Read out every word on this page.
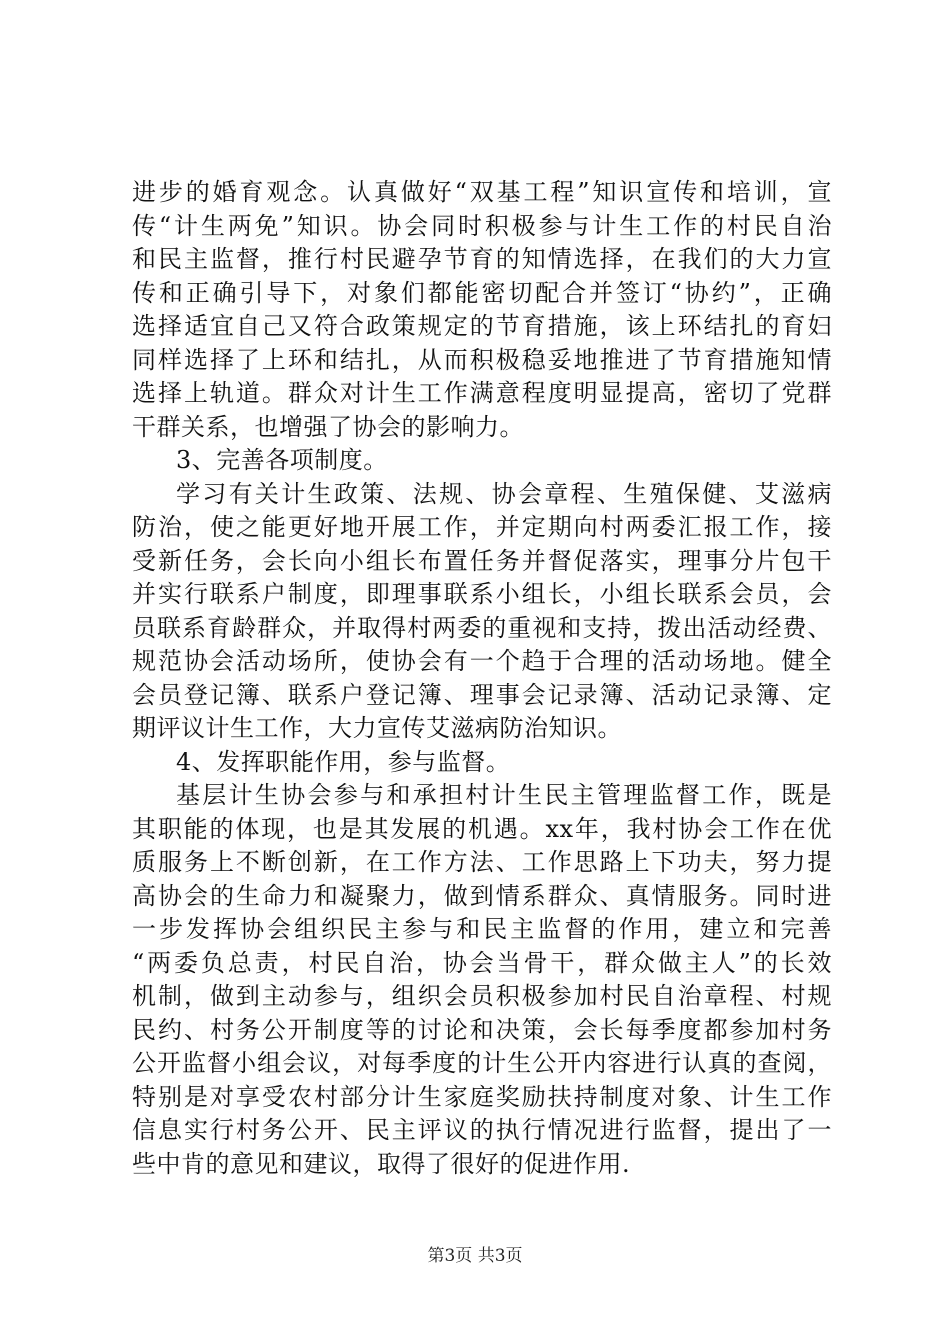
进步的婚育观念。认真做好“双基工程”知识宣传和培训，宣
传“计生两免”知识。协会同时积极参与计生工作的村民自治
和民主监督，推行村民避孕节育的知情选择，在我们的大力宣
传和正确引导下，对象们都能密切配合并签订“协约”，正确
选择适宜自己又符合政策规定的节育措施，该上环结扎的育妇
同样选择了上环和结扎，从而积极稳妥地推进了节育措施知情
选择上轨道。群众对计生工作满意程度明显提高，密切了党群
干群关系，也增强了协会的影响力。
3、完善各项制度。
学习有关计生政策、法规、协会章程、生殖保健、艾滋病
防治，使之能更好地开展工作，并定期向村两委汇报工作，接
受新任务，会长向小组长布置任务并督促落实，理事分片包干
并实行联系户制度，即理事联系小组长，小组长联系会员，会
员联系育龄群众，并取得村两委的重视和支持，拨出活动经费、
规范协会活动场所，使协会有一个趋于合理的活动场地。健全
会员登记簿、联系户登记簿、理事会记录簿、活动记录簿、定
期评议计生工作，大力宣传艾滋病防治知识。
4、发挥职能作用，参与监督。
基层计生协会参与和承担村计生民主管理监督工作，既是
其职能的体现，也是其发展的机遇。xx年，我村协会工作在优
质服务上不断创新，在工作方法、工作思路上下功夫，努力提
高协会的生命力和凝聚力，做到情系群众、真情服务。同时进
一步发挥协会组织民主参与和民主监督的作用，建立和完善
“两委负总责，村民自治，协会当骨干，群众做主人”的长效
机制，做到主动参与，组织会员积极参加村民自治章程、村规
民约、村务公开制度等的讨论和决策，会长每季度都参加村务
公开监督小组会议，对每季度的计生公开内容进行认真的查阅，
特别是对享受农村部分计生家庭奖励扶持制度对象、计生工作
信息实行村务公开、民主评议的执行情况进行监督，提出了一
些中肯的意见和建议，取得了很好的促进作用.
第3页 共3页
